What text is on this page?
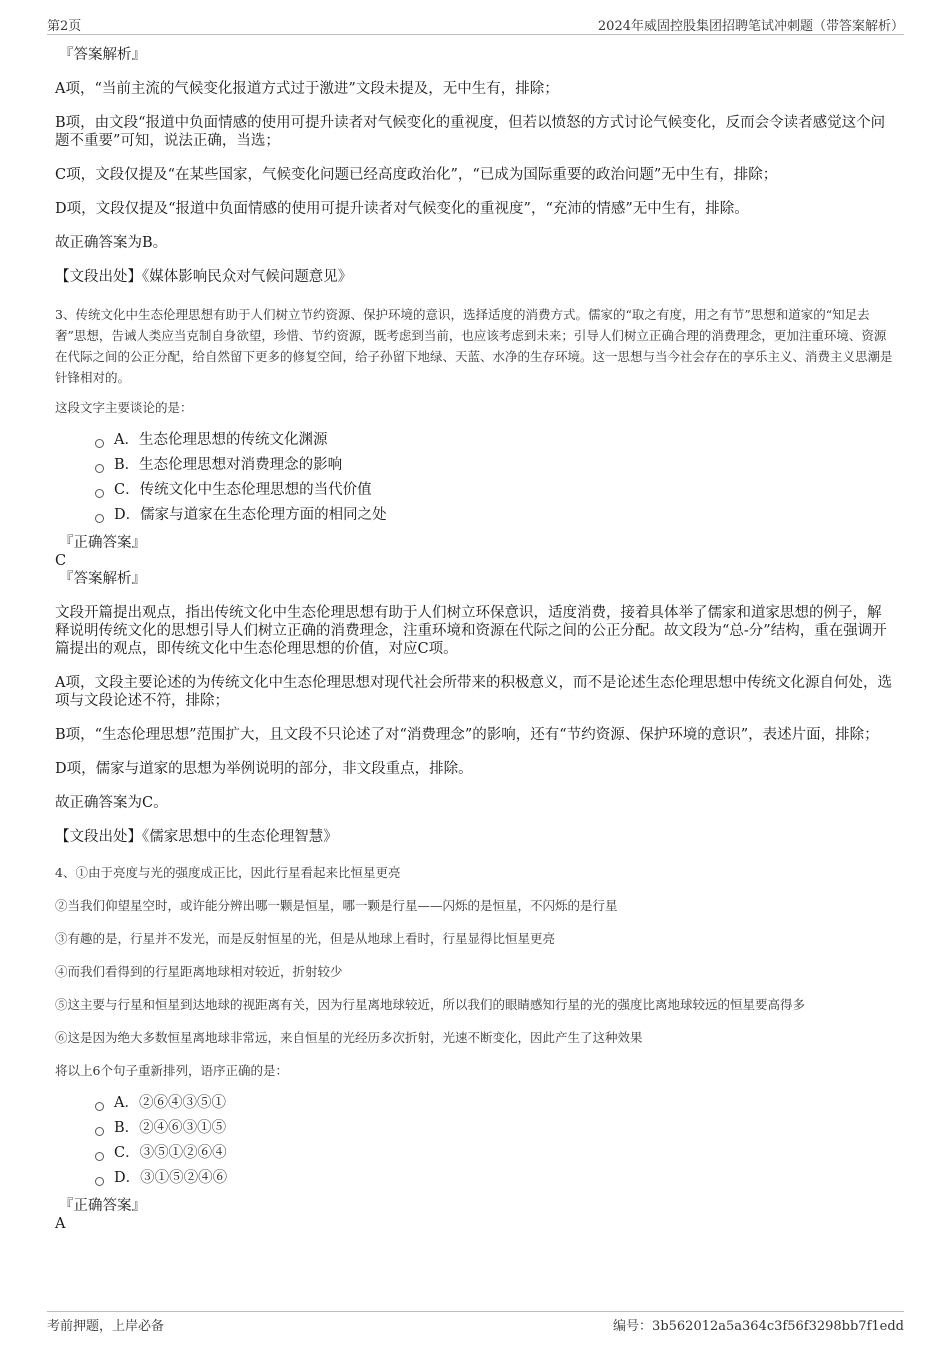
第2页	2024年威固控股集团招聘笔试冲刺题（带答案解析）

『答案解析』

A项，“当前主流的气候变化报道方式过于激进”文段未提及，无中生有，排除；

B项，由文段“报道中负面情感的使用可提升读者对气候变化的重视度，但若以愤怒的方式讨论气候变化，反而会令读者感觉这个问题不重要”可知，说法正确，当选；

C项，文段仅提及“在某些国家，气候变化问题已经高度政治化”，“已成为国际重要的政治问题”无中生有，排除；

D项，文段仅提及“报道中负面情感的使用可提升读者对气候变化的重视度”，“充沛的情感”无中生有，排除。

故正确答案为B。

【文段出处】《媒体影响民众对气候问题意见》

3、传统文化中生态伦理思想有助于人们树立节约资源、保护环境的意识，选择适度的消费方式。儒家的“取之有度，用之有节”思想和道家的“知足去奢”思想，告诫人类应当克制自身欲望，珍惜、节约资源，既考虑到当前，也应该考虑到未来；引导人们树立正确合理的消费理念，更加注重环境、资源在代际之间的公正分配，给自然留下更多的修复空间，给子孙留下地绿、天蓝、水净的生存环境。这一思想与当今社会存在的享乐主义、消费主义思潮是针锋相对的。

这段文字主要谈论的是：

A．生态伦理思想的传统文化渊源
B．生态伦理思想对消费理念的影响
C．传统文化中生态伦理思想的当代价值
D．儒家与道家在生态伦理方面的相同之处

『正确答案』

C

『答案解析』

文段开篇提出观点，指出传统文化中生态伦理思想有助于人们树立环保意识，适度消费，接着具体举了儒家和道家思想的例子，解释说明传统文化的思想引导人们树立正确的消费理念，注重环境和资源在代际之间的公正分配。故文段为“总-分”结构，重在强调开篇提出的观点，即传统文化中生态伦理思想的价值，对应C项。

A项，文段主要论述的为传统文化中生态伦理思想对现代社会所带来的积极意义，而不是论述生态伦理思想中传统文化源自何处，选项与文段论述不符，排除；

B项，“生态伦理思想”范围扩大，且文段不只论述了对“消费理念”的影响，还有“节约资源、保护环境的意识”，表述片面，排除；

D项，儒家与道家的思想为举例说明的部分，非文段重点，排除。

故正确答案为C。

【文段出处】《儒家思想中的生态伦理智慧》

4、①由于亮度与光的强度成正比，因此行星看起来比恒星更亮

②当我们仰望星空时，或许能分辨出哪一颗是恒星，哪一颗是行星——闪烁的是恒星，不闪烁的是行星

③有趣的是，行星并不发光，而是反射恒星的光，但是从地球上看时，行星显得比恒星更亮

④而我们看得到的行星距离地球相对较近，折射较少

⑤这主要与行星和恒星到达地球的视距离有关，因为行星离地球较近，所以我们的眼睛感知行星的光的强度比离地球较远的恒星要高得多

⑥这是因为绝大多数恒星离地球非常远，来自恒星的光经历多次折射，光速不断变化，因此产生了这种效果

将以上6个句子重新排列，语序正确的是：

A．②⑥④③⑤①
B．②④⑥③①⑤
C．③⑤①②⑥④
D．③①⑤②④⑥

『正确答案』

A

考前押题，上岸必备	编号：3b562012a5a364c3f56f3298bb7f1edd
